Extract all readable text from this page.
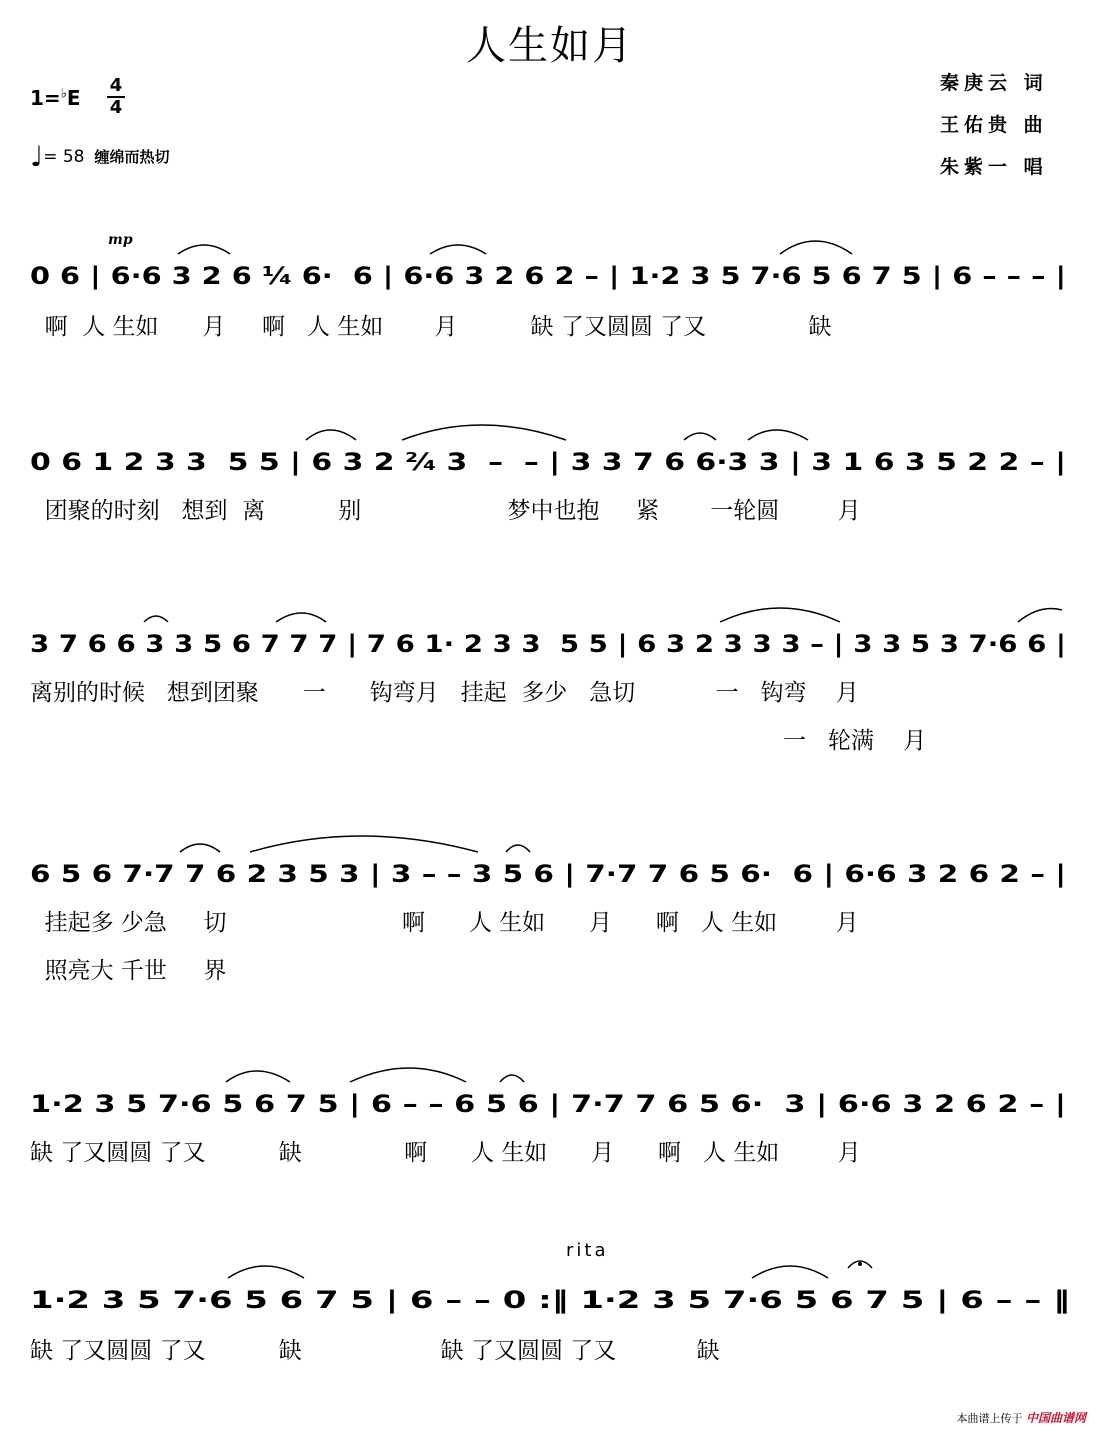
人生如月
1=♭E
4
4
♩= 58 缠绵而热切
秦庚云 词
王佑贵 曲
朱紫一 唱
mp
rita
0 6 | 6·6 3 2 6 ¹⁄₄ 6·  6 | 6·6 3 2 6 2 – | 1·2 3 5 7·6 5 6 7 5 | 6 – – – |
0 6 1 2 3 3  5 5 | 6 3 2 ²⁄₄ 3  –  – | 3 3 7 6 6·3 3 | 3 1 6 3 5 2 2 – |
3 7 6 6 3 3 5 6 7 7 7 | 7 6 1· 2 3 3  5 5 | 6 3 2 3 3 3 – | 3 3 5 3 7·6 6 |
6 5 6 7·7 7 6 2 3 5 3 | 3 – – 3 5 6 | 7·7 7 6 5 6·  6 | 6·6 3 2 6 2 – |
1·2 3 5 7·6 5 6 7 5 | 6 – – 6 5 6 | 7·7 7 6 5 6·  3 | 6·6 3 2 6 2 – |
1·2 3 5 7·6 5 6 7 5 | 6 – – 0 :‖ 1·2 3 5 7·6 5 6 7 5 | 6 – – ‖
啊  人 生如      月     啊   人 生如       月          缺 了又圆圆 了又              缺
团聚的时刻   想到  离          别                    梦中也抱     紧       一轮圆        月
离别的时候   想到团聚      一      钩弯月   挂起  多少   急切           一   钩弯    月
一   轮满    月
挂起多 少急     切                        啊      人 生如      月      啊   人 生如        月
照亮大 千世     界
缺 了又圆圆 了又          缺              啊      人 生如      月      啊   人 生如        月
缺 了又圆圆 了又          缺                   缺 了又圆圆 了又           缺
本曲谱上传于 中国曲谱网
